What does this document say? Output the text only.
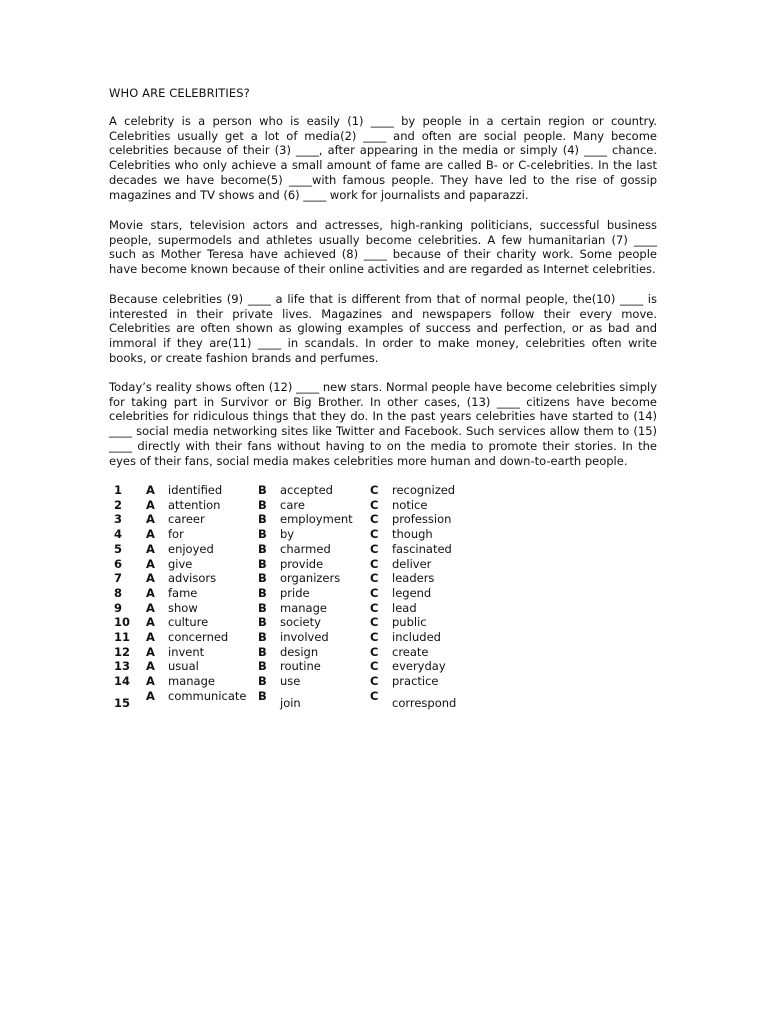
WHO ARE CELEBRITIES?

A celebrity is a person who is easily (1) ____ by people in a certain region or country. Celebrities usually get a lot of media(2) ____ and often are social people. Many become celebrities because of their (3) ____, after appearing in the media or simply (4) ____ chance. Celebrities who only achieve a small amount of fame are called B- or C-celebrities. In the last decades we have become(5) ____with famous people. They have led to the rise of gossip magazines and TV shows and (6) ____ work for journalists and paparazzi.

Movie stars, television actors and actresses, high-ranking politicians, successful business people, supermodels and athletes usually become celebrities. A few humanitarian (7) ____ such as Mother Teresa have achieved (8) ____ because of their charity work. Some people have become known because of their online activities and are regarded as Internet celebrities.

Because celebrities (9) ____ a life that is different from that of normal people, the(10) ____ is interested in their private lives. Magazines and newspapers follow their every move. Celebrities are often shown as glowing examples of success and perfection, or as bad and immoral if they are(11) ____ in scandals. In order to make money, celebrities often write books, or create fashion brands and perfumes.

Today’s reality shows often (12) ____ new stars. Normal people have become celebrities simply for taking part in Survivor or Big Brother. In other cases, (13) ____ citizens have become celebrities for ridiculous things that they do. In the past years celebrities have started to (14) ____ social media networking sites like Twitter and Facebook. Such services allow them to (15) ____ directly with their fans without having to on the media to promote their stories. In the eyes of their fans, social media makes celebrities more human and down-to-earth people.

1	A	identified	B	accepted	C	recognized
2	A	attention	B	care	C	notice
3	A	career	B	employment	C	profession
4	A	for	B	by	C	though
5	A	enjoyed	B	charmed	C	fascinated
6	A	give	B	provide	C	deliver
7	A	advisors	B	organizers	C	leaders
8	A	fame	B	pride	C	legend
9	A	show	B	manage	C	lead
10	A	culture	B	society	C	public
11	A	concerned	B	involved	C	included
12	A	invent	B	design	C	create
13	A	usual	B	routine	C	everyday
14	A	manage	B	use	C	practice
15	A	communicate	B	join	C	correspond
